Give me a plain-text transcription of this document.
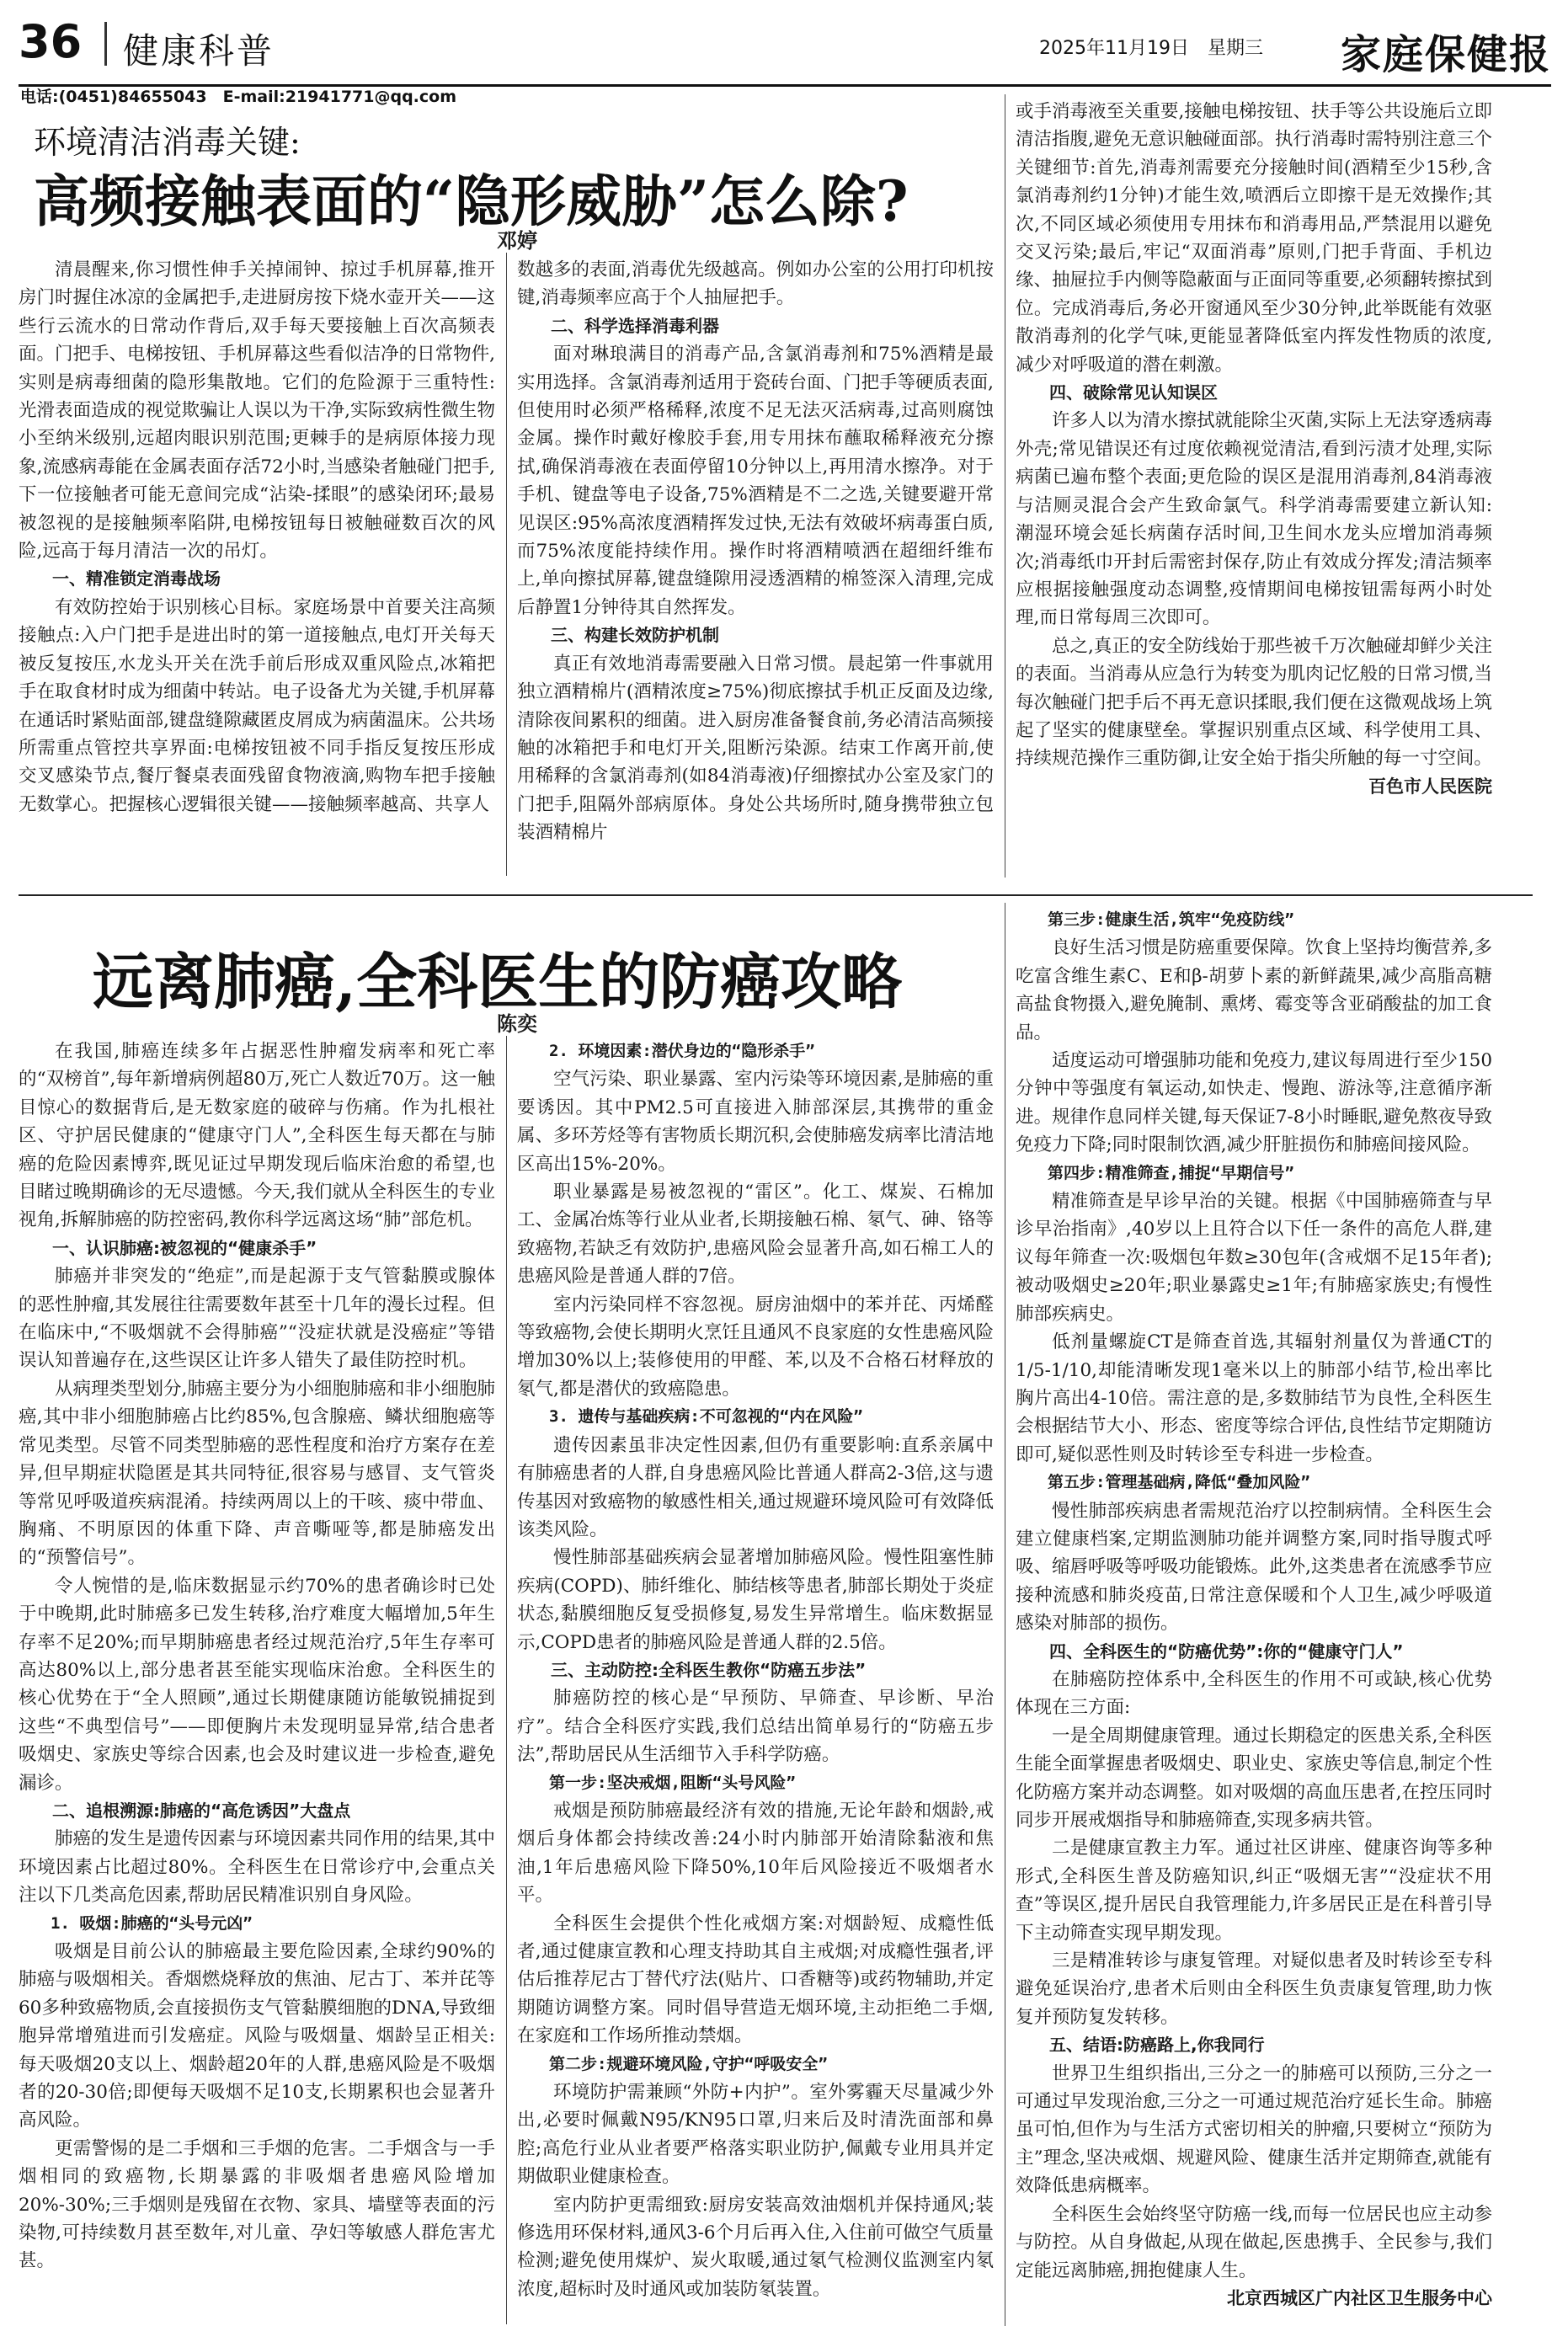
36 健康科普	2025年11月19日　星期三 家庭保健报
电话:(0451)84655043　E-mail:21941771@qq.com
环境清洁消毒关键:
高频接触表面的“隐形威胁”怎么除?
邓婷

清晨醒来,你习惯性伸手关掉闹钟、掠过手机屏幕,推开房门时握住冰凉的金属把手,走进厨房按下烧水壶开关——这些行云流水的日常动作背后,双手每天要接触上百次高频表面。门把手、电梯按钮、手机屏幕这些看似洁净的日常物件,实则是病毒细菌的隐形集散地。它们的危险源于三重特性:光滑表面造成的视觉欺骗让人误以为干净,实际致病性微生物小至纳米级别,远超肉眼识别范围;更棘手的是病原体接力现象,流感病毒能在金属表面存活72小时,当感染者触碰门把手,下一位接触者可能无意间完成“沾染-揉眼”的感染闭环;最易被忽视的是接触频率陷阱,电梯按钮每日被触碰数百次的风险,远高于每月清洁一次的吊灯。

一、精准锁定消毒战场

有效防控始于识别核心目标。家庭场景中首要关注高频接触点:入户门把手是进出时的第一道接触点,电灯开关每天被反复按压,水龙头开关在洗手前后形成双重风险点,冰箱把手在取食材时成为细菌中转站。电子设备尤为关键,手机屏幕在通话时紧贴面部,键盘缝隙藏匿皮屑成为病菌温床。公共场所需重点管控共享界面:电梯按钮被不同手指反复按压形成交叉感染节点,餐厅餐桌表面残留食物液滴,购物车把手接触无数掌心。把握核心逻辑很关键——接触频率越高、共享人

数越多的表面,消毒优先级越高。例如办公室的公用打印机按键,消毒频率应高于个人抽屉把手。

二、科学选择消毒利器

面对琳琅满目的消毒产品,含氯消毒剂和75%酒精是最实用选择。含氯消毒剂适用于瓷砖台面、门把手等硬质表面,但使用时必须严格稀释,浓度不足无法灭活病毒,过高则腐蚀金属。操作时戴好橡胶手套,用专用抹布蘸取稀释液充分擦拭,确保消毒液在表面停留10分钟以上,再用清水擦净。对于手机、键盘等电子设备,75%酒精是不二之选,关键要避开常见误区:95%高浓度酒精挥发过快,无法有效破坏病毒蛋白质,而75%浓度能持续作用。操作时将酒精喷洒在超细纤维布上,单向擦拭屏幕,键盘缝隙用浸透酒精的棉签深入清理,完成后静置1分钟待其自然挥发。

三、构建长效防护机制

真正有效地消毒需要融入日常习惯。晨起第一件事就用独立酒精棉片(酒精浓度≥75%)彻底擦拭手机正反面及边缘,清除夜间累积的细菌。进入厨房准备餐食前,务必清洁高频接触的冰箱把手和电灯开关,阻断污染源。结束工作离开前,使用稀释的含氯消毒剂(如84消毒液)仔细擦拭办公室及家门的门把手,阻隔外部病原体。身处公共场所时,随身携带独立包装酒精棉片

或手消毒液至关重要,接触电梯按钮、扶手等公共设施后立即清洁指腹,避免无意识触碰面部。执行消毒时需特别注意三个关键细节:首先,消毒剂需要充分接触时间(酒精至少15秒,含氯消毒剂约1分钟)才能生效,喷洒后立即擦干是无效操作;其次,不同区域必须使用专用抹布和消毒用品,严禁混用以避免交叉污染;最后,牢记“双面消毒”原则,门把手背面、手机边缘、抽屉拉手内侧等隐蔽面与正面同等重要,必须翻转擦拭到位。完成消毒后,务必开窗通风至少30分钟,此举既能有效驱散消毒剂的化学气味,更能显著降低室内挥发性物质的浓度,减少对呼吸道的潜在刺激。

四、破除常见认知误区

许多人以为清水擦拭就能除尘灭菌,实际上无法穿透病毒外壳;常见错误还有过度依赖视觉清洁,看到污渍才处理,实际病菌已遍布整个表面;更危险的误区是混用消毒剂,84消毒液与洁厕灵混合会产生致命氯气。科学消毒需要建立新认知:潮湿环境会延长病菌存活时间,卫生间水龙头应增加消毒频次;消毒纸巾开封后需密封保存,防止有效成分挥发;清洁频率应根据接触强度动态调整,疫情期间电梯按钮需每两小时处理,而日常每周三次即可。

总之,真正的安全防线始于那些被千万次触碰却鲜少关注的表面。当消毒从应急行为转变为肌肉记忆般的日常习惯,当每次触碰门把手后不再无意识揉眼,我们便在这微观战场上筑起了坚实的健康壁垒。掌握识别重点区域、科学使用工具、持续规范操作三重防御,让安全始于指尖所触的每一寸空间。

百色市人民医院
远离肺癌,全科医生的防癌攻略
陈奕

在我国,肺癌连续多年占据恶性肿瘤发病率和死亡率的“双榜首”,每年新增病例超80万,死亡人数近70万。这一触目惊心的数据背后,是无数家庭的破碎与伤痛。作为扎根社区、守护居民健康的“健康守门人”,全科医生每天都在与肺癌的危险因素博弈,既见证过早期发现后临床治愈的希望,也目睹过晚期确诊的无尽遗憾。今天,我们就从全科医生的专业视角,拆解肺癌的防控密码,教你科学远离这场“肺”部危机。

一、认识肺癌:被忽视的“健康杀手”

肺癌并非突发的“绝症”,而是起源于支气管黏膜或腺体的恶性肿瘤,其发展往往需要数年甚至十几年的漫长过程。但在临床中,“不吸烟就不会得肺癌”“没症状就是没癌症”等错误认知普遍存在,这些误区让许多人错失了最佳防控时机。

从病理类型划分,肺癌主要分为小细胞肺癌和非小细胞肺癌,其中非小细胞肺癌占比约85%,包含腺癌、鳞状细胞癌等常见类型。尽管不同类型肺癌的恶性程度和治疗方案存在差异,但早期症状隐匿是其共同特征,很容易与感冒、支气管炎等常见呼吸道疾病混淆。持续两周以上的干咳、痰中带血、胸痛、不明原因的体重下降、声音嘶哑等,都是肺癌发出的“预警信号”。

令人惋惜的是,临床数据显示约70%的患者确诊时已处于中晚期,此时肺癌多已发生转移,治疗难度大幅增加,5年生存率不足20%;而早期肺癌患者经过规范治疗,5年生存率可高达80%以上,部分患者甚至能实现临床治愈。全科医生的核心优势在于“全人照顾”,通过长期健康随访能敏锐捕捉到这些“不典型信号”——即便胸片未发现明显异常,结合患者吸烟史、家族史等综合因素,也会及时建议进一步检查,避免漏诊。

二、追根溯源:肺癌的“高危诱因”大盘点

肺癌的发生是遗传因素与环境因素共同作用的结果,其中环境因素占比超过80%。全科医生在日常诊疗中,会重点关注以下几类高危因素,帮助居民精准识别自身风险。

1. 吸烟:肺癌的“头号元凶”

吸烟是目前公认的肺癌最主要危险因素,全球约90%的肺癌与吸烟相关。香烟燃烧释放的焦油、尼古丁、苯并芘等60多种致癌物质,会直接损伤支气管黏膜细胞的DNA,导致细胞异常增殖进而引发癌症。风险与吸烟量、烟龄呈正相关:每天吸烟20支以上、烟龄超20年的人群,患癌风险是不吸烟者的20-30倍;即便每天吸烟不足10支,长期累积也会显著升高风险。

更需警惕的是二手烟和三手烟的危害。二手烟含与一手烟相同的致癌物,长期暴露的非吸烟者患癌风险增加20%-30%;三手烟则是残留在衣物、家具、墙壁等表面的污染物,可持续数月甚至数年,对儿童、孕妇等敏感人群危害尤甚。

2. 环境因素:潜伏身边的“隐形杀手”

空气污染、职业暴露、室内污染等环境因素,是肺癌的重要诱因。其中PM2.5可直接进入肺部深层,其携带的重金属、多环芳烃等有害物质长期沉积,会使肺癌发病率比清洁地区高出15%-20%。

职业暴露是易被忽视的“雷区”。化工、煤炭、石棉加工、金属冶炼等行业从业者,长期接触石棉、氡气、砷、铬等致癌物,若缺乏有效防护,患癌风险会显著升高,如石棉工人的患癌风险是普通人群的7倍。

室内污染同样不容忽视。厨房油烟中的苯并芘、丙烯醛等致癌物,会使长期明火烹饪且通风不良家庭的女性患癌风险增加30%以上;装修使用的甲醛、苯,以及不合格石材释放的氡气,都是潜伏的致癌隐患。

3. 遗传与基础疾病:不可忽视的“内在风险”

遗传因素虽非决定性因素,但仍有重要影响:直系亲属中有肺癌患者的人群,自身患癌风险比普通人群高2-3倍,这与遗传基因对致癌物的敏感性相关,通过规避环境风险可有效降低该类风险。

慢性肺部基础疾病会显著增加肺癌风险。慢性阻塞性肺疾病(COPD)、肺纤维化、肺结核等患者,肺部长期处于炎症状态,黏膜细胞反复受损修复,易发生异常增生。临床数据显示,COPD患者的肺癌风险是普通人群的2.5倍。

三、主动防控:全科医生教你“防癌五步法”

肺癌防控的核心是“早预防、早筛查、早诊断、早治疗”。结合全科医疗实践,我们总结出简单易行的“防癌五步法”,帮助居民从生活细节入手科学防癌。

第一步:坚决戒烟,阻断“头号风险”

戒烟是预防肺癌最经济有效的措施,无论年龄和烟龄,戒烟后身体都会持续改善:24小时内肺部开始清除黏液和焦油,1年后患癌风险下降50%,10年后风险接近不吸烟者水平。

全科医生会提供个性化戒烟方案:对烟龄短、成瘾性低者,通过健康宣教和心理支持助其自主戒烟;对成瘾性强者,评估后推荐尼古丁替代疗法(贴片、口香糖等)或药物辅助,并定期随访调整方案。同时倡导营造无烟环境,主动拒绝二手烟,在家庭和工作场所推动禁烟。

第二步:规避环境风险,守护“呼吸安全”

环境防护需兼顾“外防+内护”。室外雾霾天尽量减少外出,必要时佩戴N95/KN95口罩,归来后及时清洗面部和鼻腔;高危行业从业者要严格落实职业防护,佩戴专业用具并定期做职业健康检查。

室内防护更需细致:厨房安装高效油烟机并保持通风;装修选用环保材料,通风3-6个月后再入住,入住前可做空气质量检测;避免使用煤炉、炭火取暖,通过氡气检测仪监测室内氡浓度,超标时及时通风或加装防氡装置。

第三步:健康生活,筑牢“免疫防线”

良好生活习惯是防癌重要保障。饮食上坚持均衡营养,多吃富含维生素C、E和β-胡萝卜素的新鲜蔬果,减少高脂高糖高盐食物摄入,避免腌制、熏烤、霉变等含亚硝酸盐的加工食品。

适度运动可增强肺功能和免疫力,建议每周进行至少150分钟中等强度有氧运动,如快走、慢跑、游泳等,注意循序渐进。规律作息同样关键,每天保证7-8小时睡眠,避免熬夜导致免疫力下降;同时限制饮酒,减少肝脏损伤和肺癌间接风险。

第四步:精准筛查,捕捉“早期信号”

精准筛查是早诊早治的关键。根据《中国肺癌筛查与早诊早治指南》,40岁以上且符合以下任一条件的高危人群,建议每年筛查一次:吸烟包年数≥30包年(含戒烟不足15年者);被动吸烟史≥20年;职业暴露史≥1年;有肺癌家族史;有慢性肺部疾病史。

低剂量螺旋CT是筛查首选,其辐射剂量仅为普通CT的1/5-1/10,却能清晰发现1毫米以上的肺部小结节,检出率比胸片高出4-10倍。需注意的是,多数肺结节为良性,全科医生会根据结节大小、形态、密度等综合评估,良性结节定期随访即可,疑似恶性则及时转诊至专科进一步检查。

第五步:管理基础病,降低“叠加风险”

慢性肺部疾病患者需规范治疗以控制病情。全科医生会建立健康档案,定期监测肺功能并调整方案,同时指导腹式呼吸、缩唇呼吸等呼吸功能锻炼。此外,这类患者在流感季节应接种流感和肺炎疫苗,日常注意保暖和个人卫生,减少呼吸道感染对肺部的损伤。

四、全科医生的“防癌优势”:你的“健康守门人”

在肺癌防控体系中,全科医生的作用不可或缺,核心优势体现在三方面:

一是全周期健康管理。通过长期稳定的医患关系,全科医生能全面掌握患者吸烟史、职业史、家族史等信息,制定个性化防癌方案并动态调整。如对吸烟的高血压患者,在控压同时同步开展戒烟指导和肺癌筛查,实现多病共管。

二是健康宣教主力军。通过社区讲座、健康咨询等多种形式,全科医生普及防癌知识,纠正“吸烟无害”“没症状不用查”等误区,提升居民自我管理能力,许多居民正是在科普引导下主动筛查实现早期发现。

三是精准转诊与康复管理。对疑似患者及时转诊至专科避免延误治疗,患者术后则由全科医生负责康复管理,助力恢复并预防复发转移。

五、结语:防癌路上,你我同行

世界卫生组织指出,三分之一的肺癌可以预防,三分之一可通过早发现治愈,三分之一可通过规范治疗延长生命。肺癌虽可怕,但作为与生活方式密切相关的肿瘤,只要树立“预防为主”理念,坚决戒烟、规避风险、健康生活并定期筛查,就能有效降低患病概率。

全科医生会始终坚守防癌一线,而每一位居民也应主动参与防控。从自身做起,从现在做起,医患携手、全民参与,我们定能远离肺癌,拥抱健康人生。

北京西城区广内社区卫生服务中心
